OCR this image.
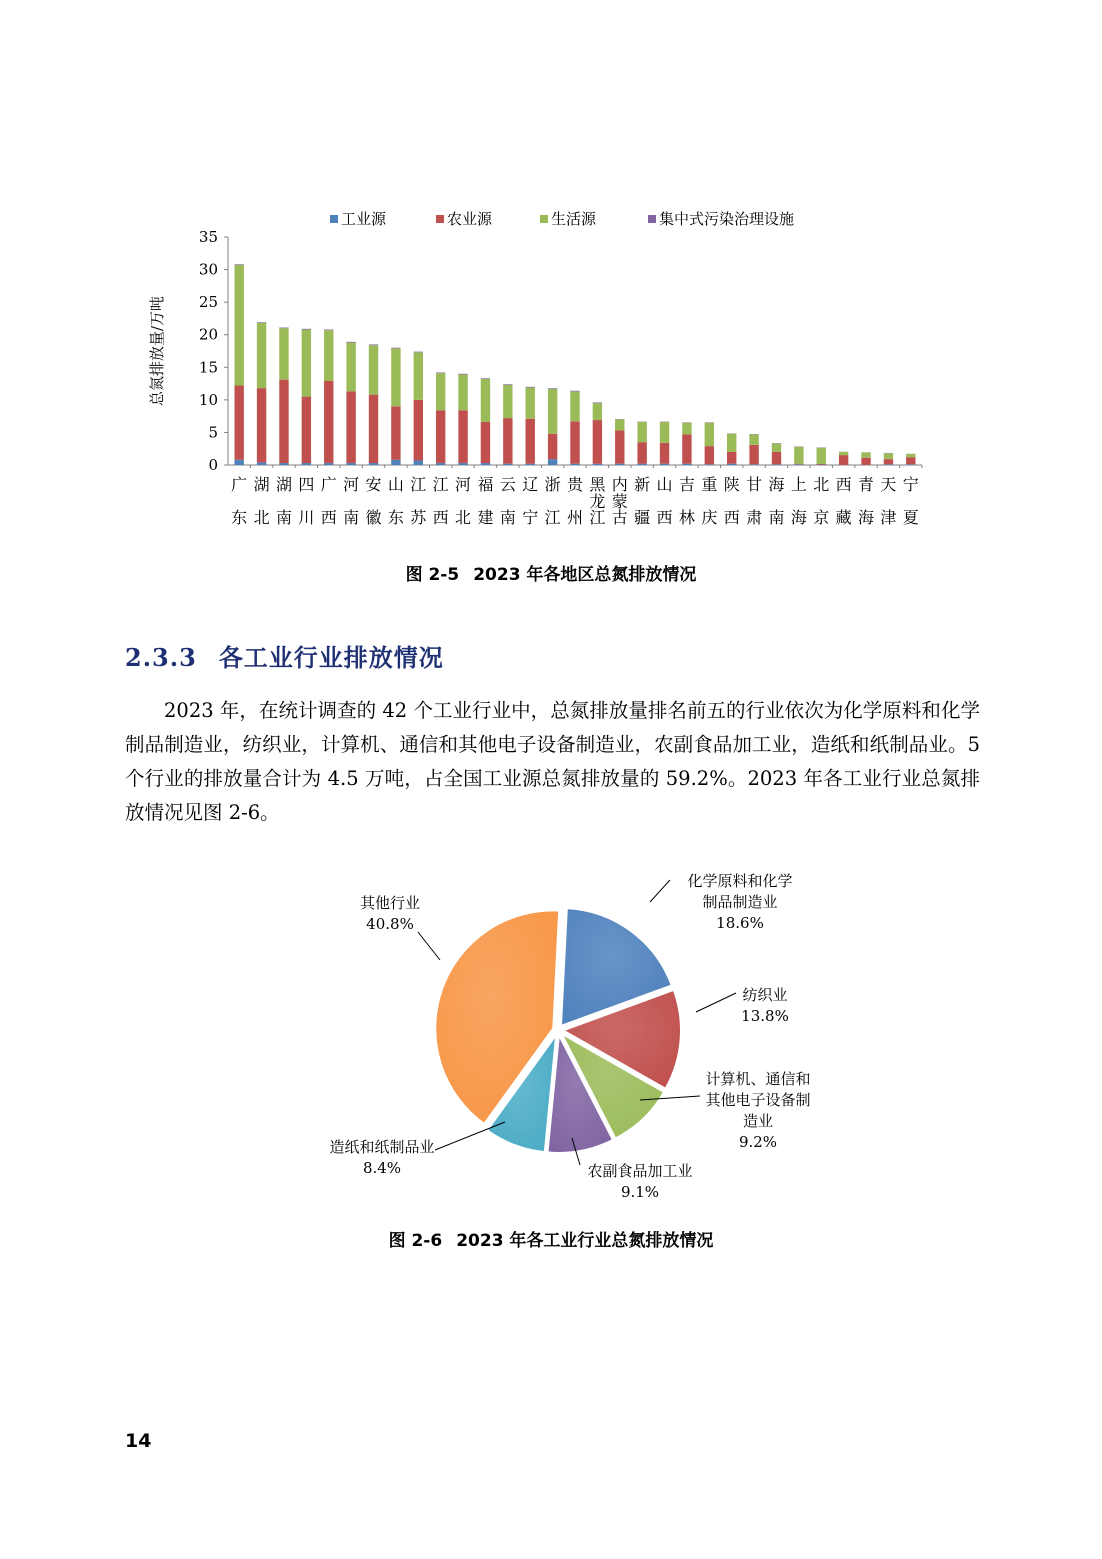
0
5
10
15
20
25
30
35
总氮排放量/万吨
广
东
湖
北
湖
南
四
川
广
西
河
南
安
徽
山
东
江
苏
江
西
河
北
福
建
云
南
辽
宁
浙
江
贵
州
黑
龙
江
内
蒙
古
新
疆
山
西
吉
林
重
庆
陕
西
甘
肃
海
南
上
海
北
京
西
藏
青
海
天
津
宁
夏
工业源	农业源	生活源	集中式污染治理设施
图 2-5 2023 年各地区总氮排放情况
2.3.3 各工业行业排放情况

2023 年，在统计调查的 42 个工业行业中，总氮排放量排名前五的行业依次为化学原料和化学制品制造业，纺织业，计算机、通信和其他电子设备制造业，农副食品加工业，造纸和纸制品业。5 个行业的排放量合计为 4.5 万吨，占全国工业源总氮排放量的 59.2%。2023 年各工业行业总氮排放情况见图 2-6。

化学原料和化学
制品制造业
18.6%
纺织业
13.8%
计算机、通信和
其他电子设备制
造业
9.2%
农副食品加工业
9.1%
造纸和纸制品业
8.4%
其他行业
40.8%
图 2-6 2023 年各工业行业总氮排放情况
14
